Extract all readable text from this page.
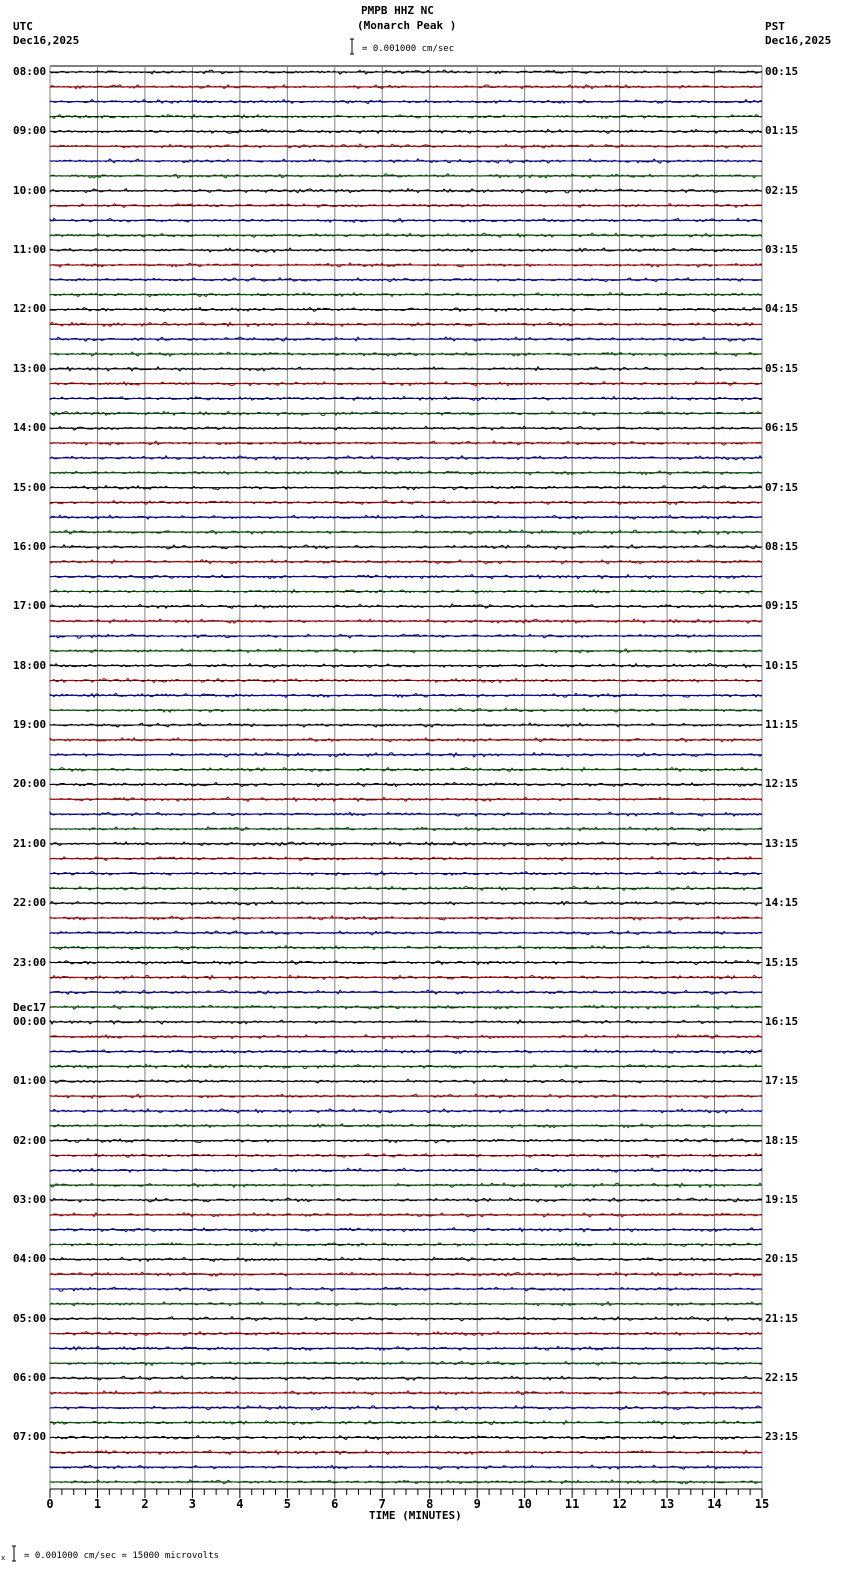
0	1	2	3	4	5	6	7	8	9	10	11	12	13	14	15
PMPB HHZ NC
(Monarch Peak )
UTC
Dec16,2025
PST
Dec16,2025
= 0.001000 cm/sec
TIME (MINUTES)
= 0.001000 cm/sec = 15000 microvolts
x
08:00	00:15
09:00	01:15
10:00	02:15
11:00	03:15
12:00	04:15
13:00	05:15
14:00	06:15
15:00	07:15
16:00	08:15
17:00	09:15
18:00	10:15
19:00	11:15
20:00	12:15
21:00	13:15
22:00	14:15
23:00	15:15
00:00	16:15
Dec17
01:00	17:15
02:00	18:15
03:00	19:15
04:00	20:15
05:00	21:15
06:00	22:15
07:00	23:15
